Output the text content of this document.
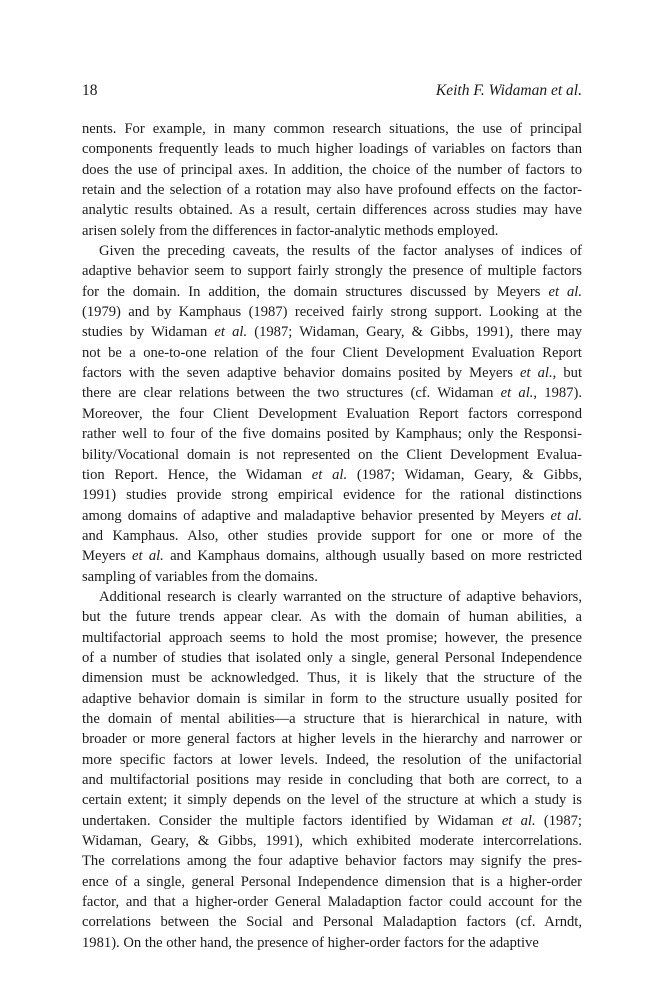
18	Keith F. Widaman et al.
nents. For example, in many common research situations, the use of principal
components frequently leads to much higher loadings of variables on factors than
does the use of principal axes. In addition, the choice of the number of factors to
retain and the selection of a rotation may also have profound effects on the factor-
analytic results obtained. As a result, certain differences across studies may have
arisen solely from the differences in factor-analytic methods employed.
Given the preceding caveats, the results of the factor analyses of indices of
adaptive behavior seem to support fairly strongly the presence of multiple factors
for the domain. In addition, the domain structures discussed by Meyers et al.
(1979) and by Kamphaus (1987) received fairly strong support. Looking at the
studies by Widaman et al. (1987; Widaman, Geary, & Gibbs, 1991), there may
not be a one-to-one relation of the four Client Development Evaluation Report
factors with the seven adaptive behavior domains posited by Meyers et al., but
there are clear relations between the two structures (cf. Widaman et al., 1987).
Moreover, the four Client Development Evaluation Report factors correspond
rather well to four of the five domains posited by Kamphaus; only the Responsi-
bility/Vocational domain is not represented on the Client Development Evalua-
tion Report. Hence, the Widaman et al. (1987; Widaman, Geary, & Gibbs,
1991) studies provide strong empirical evidence for the rational distinctions
among domains of adaptive and maladaptive behavior presented by Meyers et al.
and Kamphaus. Also, other studies provide support for one or more of the
Meyers et al. and Kamphaus domains, although usually based on more restricted
sampling of variables from the domains.
Additional research is clearly warranted on the structure of adaptive behaviors,
but the future trends appear clear. As with the domain of human abilities, a
multifactorial approach seems to hold the most promise; however, the presence
of a number of studies that isolated only a single, general Personal Independence
dimension must be acknowledged. Thus, it is likely that the structure of the
adaptive behavior domain is similar in form to the structure usually posited for
the domain of mental abilities—a structure that is hierarchical in nature, with
broader or more general factors at higher levels in the hierarchy and narrower or
more specific factors at lower levels. Indeed, the resolution of the unifactorial
and multifactorial positions may reside in concluding that both are correct, to a
certain extent; it simply depends on the level of the structure at which a study is
undertaken. Consider the multiple factors identified by Widaman et al. (1987;
Widaman, Geary, & Gibbs, 1991), which exhibited moderate intercorrelations.
The correlations among the four adaptive behavior factors may signify the pres-
ence of a single, general Personal Independence dimension that is a higher-order
factor, and that a higher-order General Maladaption factor could account for the
correlations between the Social and Personal Maladaption factors (cf. Arndt,
1981). On the other hand, the presence of higher-order factors for the adaptive
